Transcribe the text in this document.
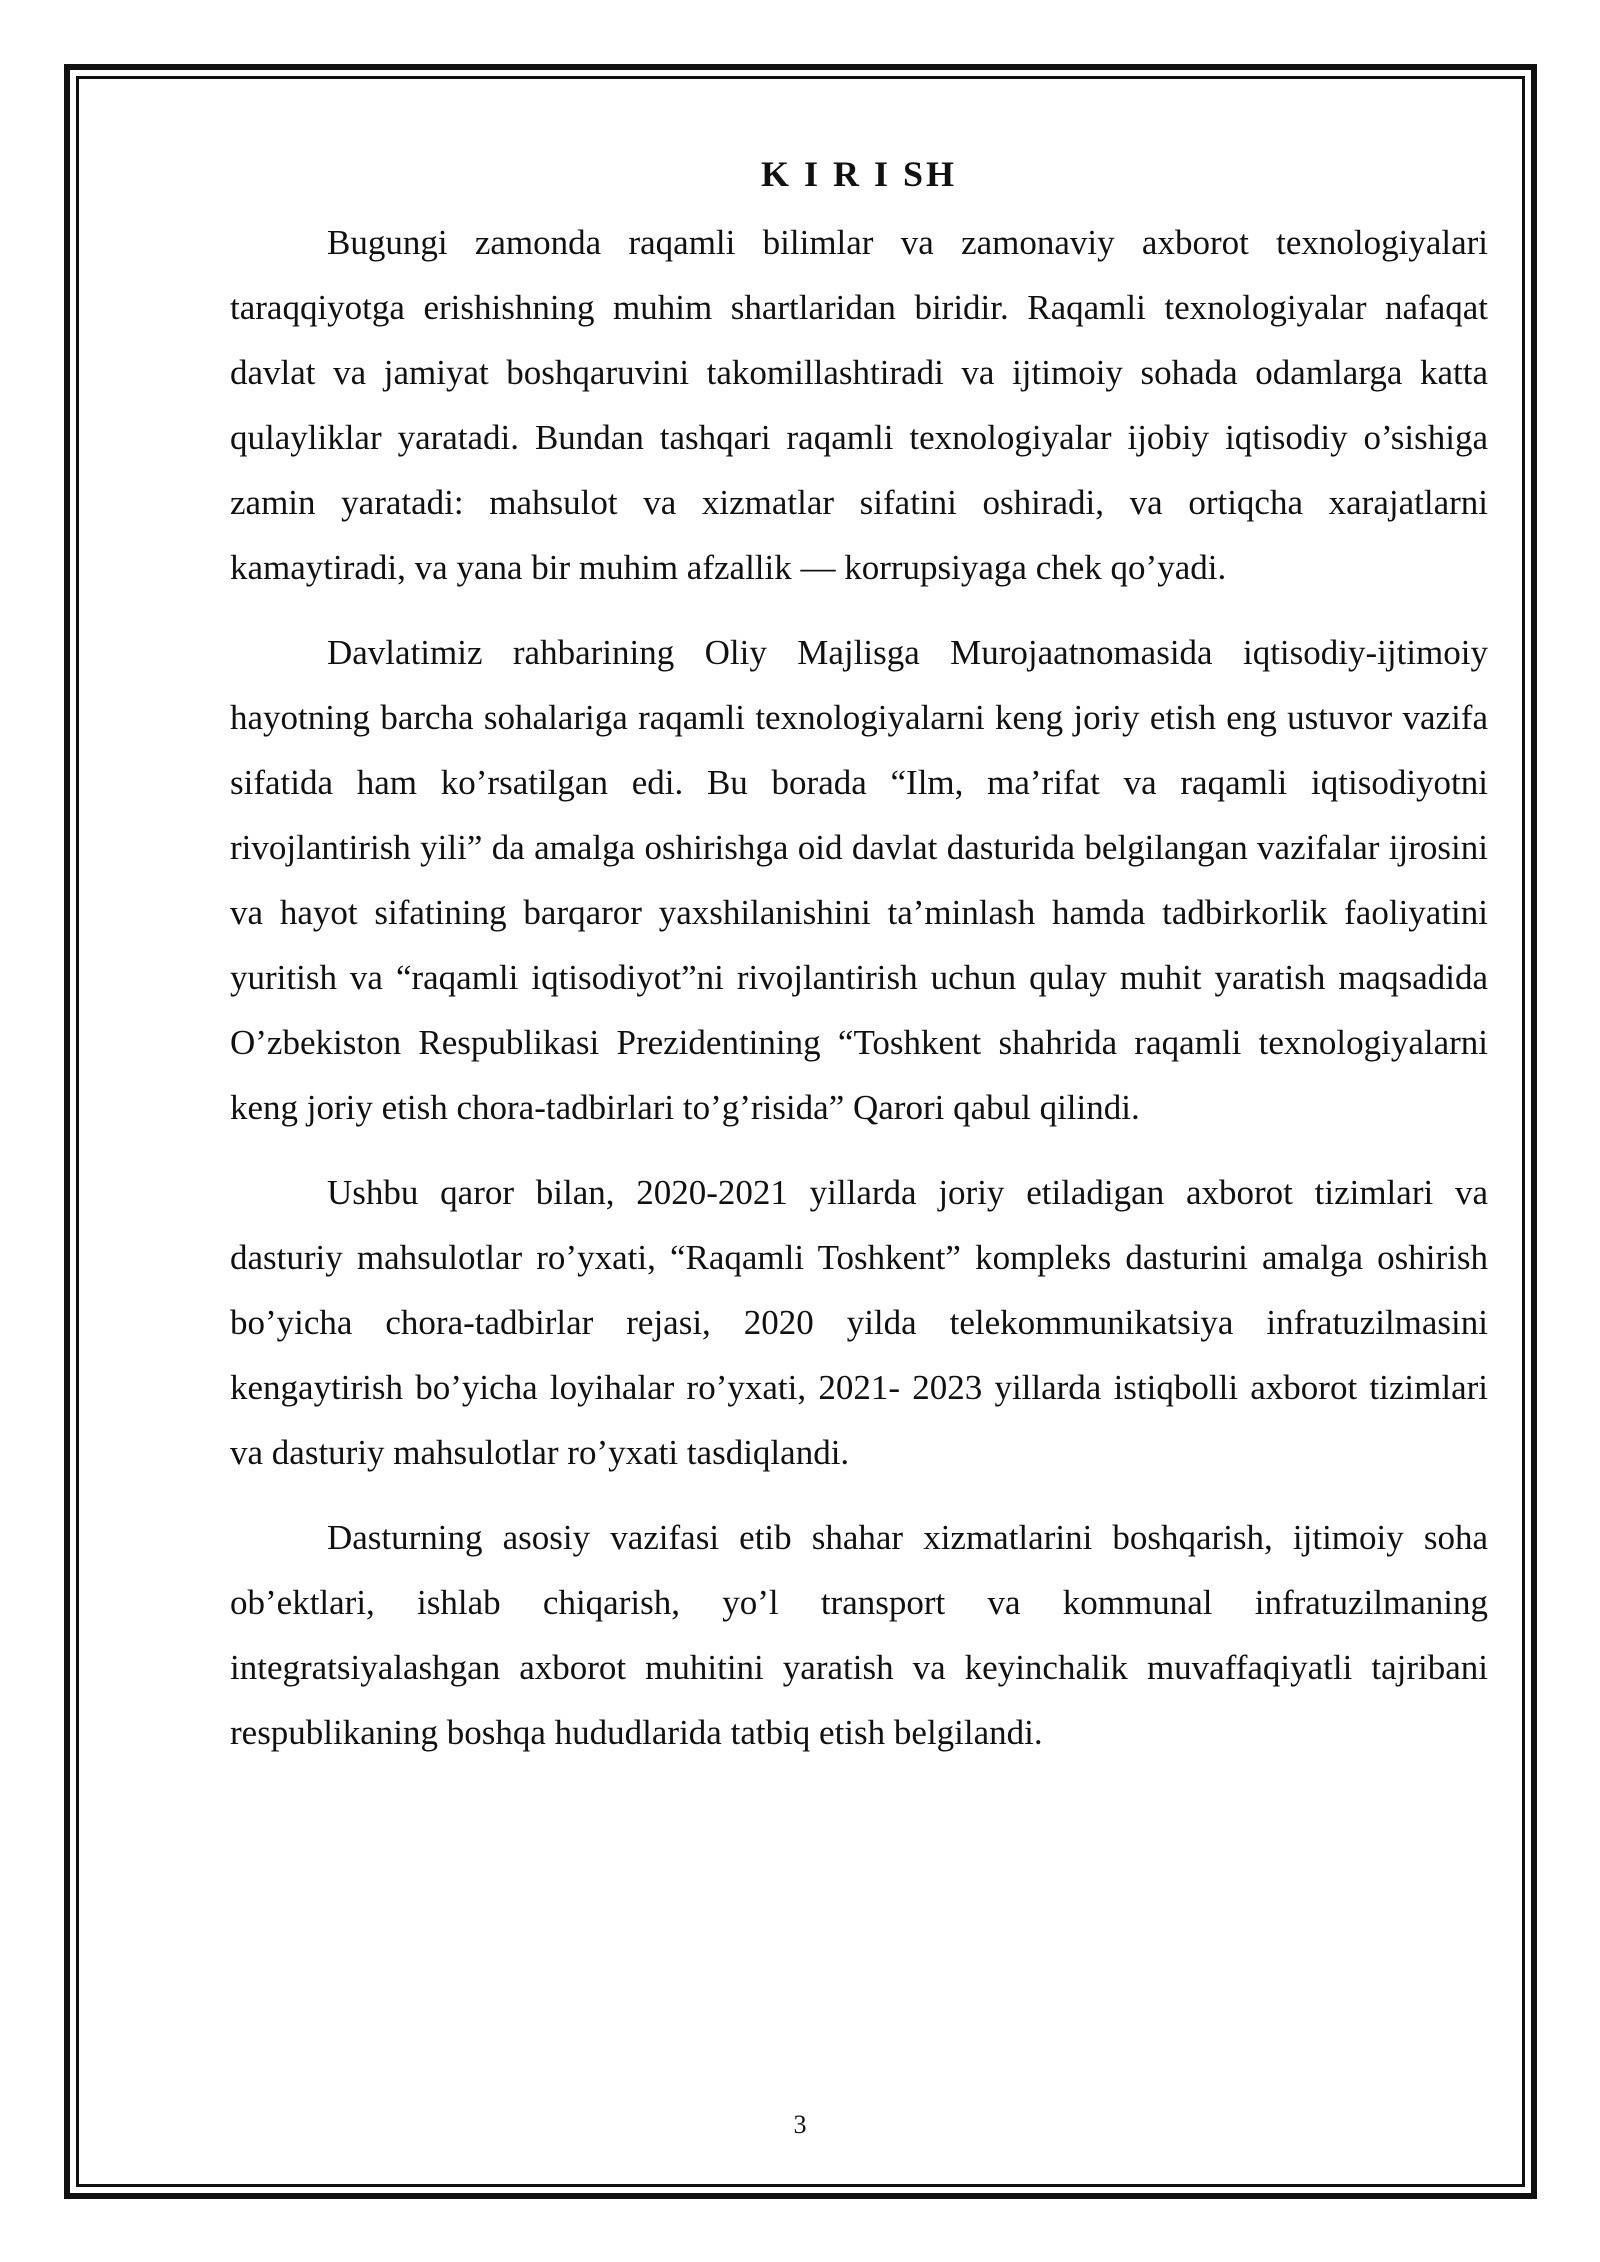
K I R I SH

Bugungi zamonda raqamli bilimlar va zamonaviy axborot texnologiyalari taraqqiyotga erishishning muhim shartlaridan biridir. Raqamli texnologiyalar nafaqat davlat va jamiyat boshqaruvini takomillashtiradi va ijtimoiy sohada odamlarga katta qulayliklar yaratadi. Bundan tashqari raqamli texnologiyalar ijobiy iqtisodiy o’sishiga zamin yaratadi: mahsulot va xizmatlar sifatini oshiradi, va ortiqcha xarajatlarni kamaytiradi, va yana bir muhim afzallik — korrupsiyaga chek qo’yadi.

Davlatimiz rahbarining Oliy Majlisga Murojaatnomasida iqtisodiy-ijtimoiy hayotning barcha sohalariga raqamli texnologiyalarni keng joriy etish eng ustuvor vazifa sifatida ham ko’rsatilgan edi. Bu borada “Ilm, ma’rifat va raqamli iqtisodiyotni rivojlantirish yili” da amalga oshirishga oid davlat dasturida belgilangan vazifalar ijrosini va hayot sifatining barqaror yaxshilanishini ta’minlash hamda tadbirkorlik faoliyatini yuritish va “raqamli iqtisodiyot”ni rivojlantirish uchun qulay muhit yaratish maqsadida O’zbekiston Respublikasi Prezidentining “Toshkent shahrida raqamli texnologiyalarni keng joriy etish chora-tadbirlari to’g’risida” Qarori qabul qilindi.

Ushbu qaror bilan, 2020-2021 yillarda joriy etiladigan axborot tizimlari va dasturiy mahsulotlar ro’yxati, “Raqamli Toshkent” kompleks dasturini amalga oshirish bo’yicha chora-tadbirlar rejasi, 2020 yilda telekommunikatsiya infratuzilmasini kengaytirish bo’yicha loyihalar ro’yxati, 2021- 2023 yillarda istiqbolli axborot tizimlari va dasturiy mahsulotlar ro’yxati tasdiqlandi.

Dasturning asosiy vazifasi etib shahar xizmatlarini boshqarish, ijtimoiy soha ob’ektlari, ishlab chiqarish, yo’l transport va kommunal infratuzilmaning integratsiyalashgan axborot muhitini yaratish va keyinchalik muvaffaqiyatli tajribani respublikaning boshqa hududlarida tatbiq etish belgilandi.

3
